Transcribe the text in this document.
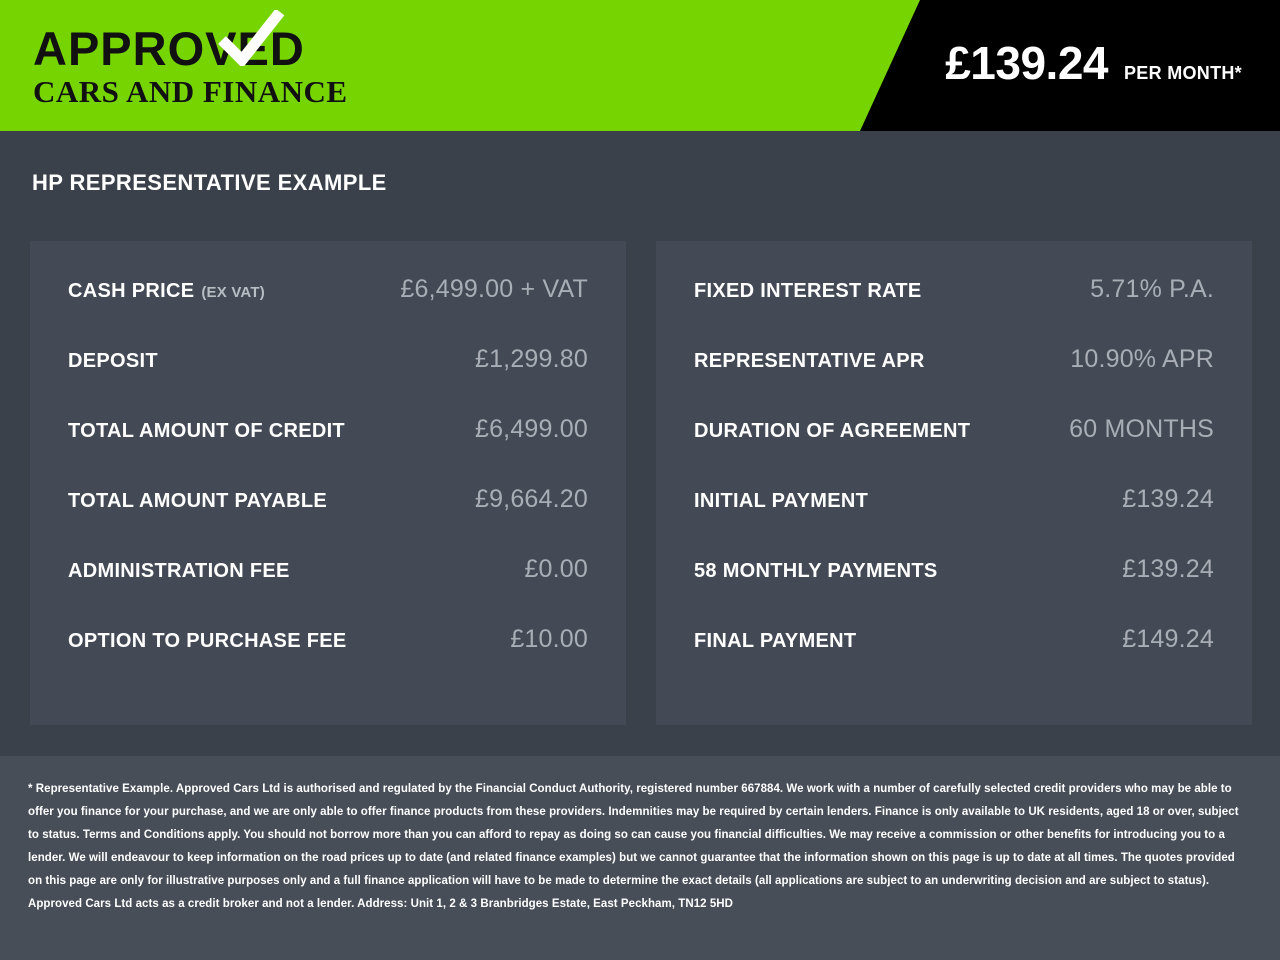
APPROVED
CARS AND FINANCE
£139.24 PER MONTH*
HP REPRESENTATIVE EXAMPLE
CASH PRICE (EX VAT)	£6,499.00 + VAT
DEPOSIT	£1,299.80
TOTAL AMOUNT OF CREDIT	£6,499.00
TOTAL AMOUNT PAYABLE	£9,664.20
ADMINISTRATION FEE	£0.00
OPTION TO PURCHASE FEE	£10.00
FIXED INTEREST RATE	5.71% P.A.
REPRESENTATIVE APR	10.90% APR
DURATION OF AGREEMENT	60 MONTHS
INITIAL PAYMENT	£139.24
58 MONTHLY PAYMENTS	£139.24
FINAL PAYMENT	£149.24

* Representative Example. Approved Cars Ltd is authorised and regulated by the Financial Conduct Authority, registered number 667884. We work with a number of carefully selected credit providers who may be able to offer you finance for your purchase, and we are only able to offer finance products from these providers. Indemnities may be required by certain lenders. Finance is only available to UK residents, aged 18 or over, subject to status. Terms and Conditions apply. You should not borrow more than you can afford to repay as doing so can cause you financial difficulties. We may receive a commission or other benefits for introducing you to a lender. We will endeavour to keep information on the road prices up to date (and related finance examples) but we cannot guarantee that the information shown on this page is up to date at all times. The quotes provided on this page are only for illustrative purposes only and a full finance application will have to be made to determine the exact details (all applications are subject to an underwriting decision and are subject to status). Approved Cars Ltd acts as a credit broker and not a lender. Address: Unit 1, 2 & 3 Branbridges Estate, East Peckham, TN12 5HD
